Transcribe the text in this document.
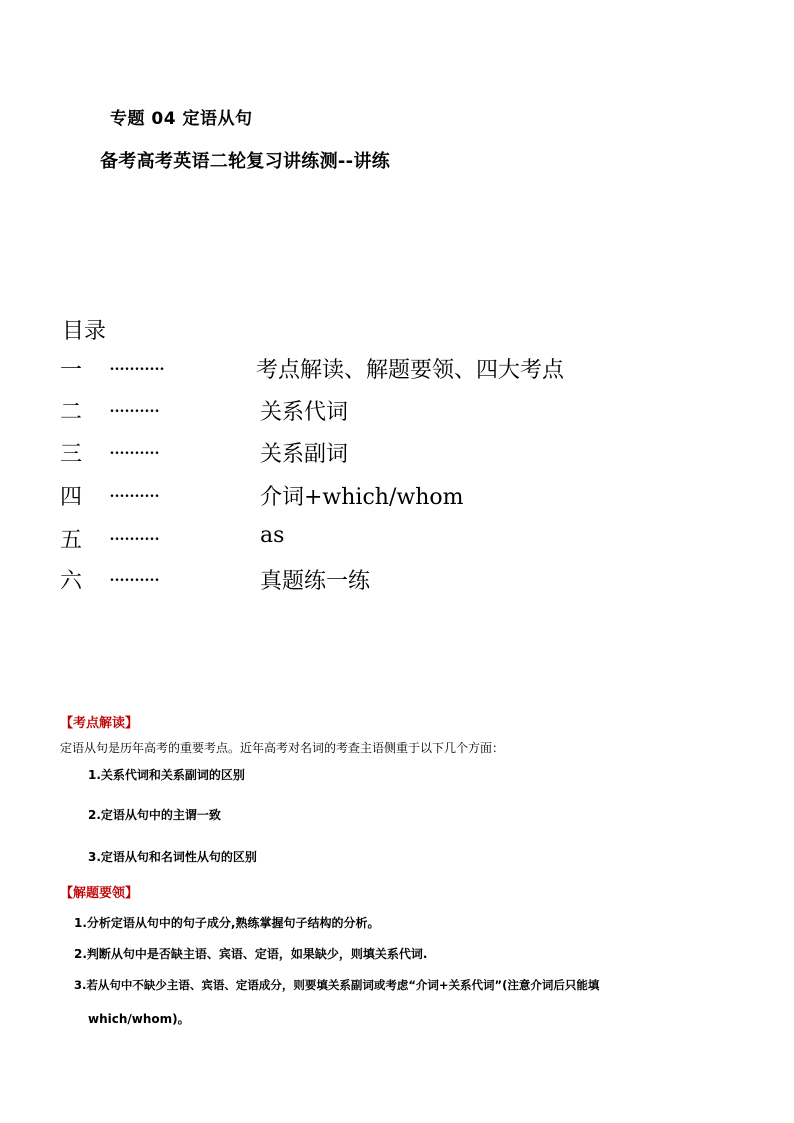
专题 04 定语从句
备考高考英语二轮复习讲练测--讲练
目录
一 ...........	考点解读、解题要领、四大考点
二 ..........	关系代词
三 ..........	关系副词
四 ..........	介词+which/whom
五 ..........	as
六 ..........	真题练一练
【考点解读】
定语从句是历年高考的重要考点。近年高考对名词的考查主语侧重于以下几个方面：
1.关系代词和关系副词的区别
2.定语从句中的主谓一致
3.定语从句和名词性从句的区别
【解题要领】
1.分析定语从句中的句子成分,熟练掌握句子结构的分析。
2.判断从句中是否缺主语、宾语、定语，如果缺少，则填关系代词.
3.若从句中不缺少主语、宾语、定语成分，则要填关系副词或考虑“介词+关系代词”(注意介词后只能填
which/whom)。
